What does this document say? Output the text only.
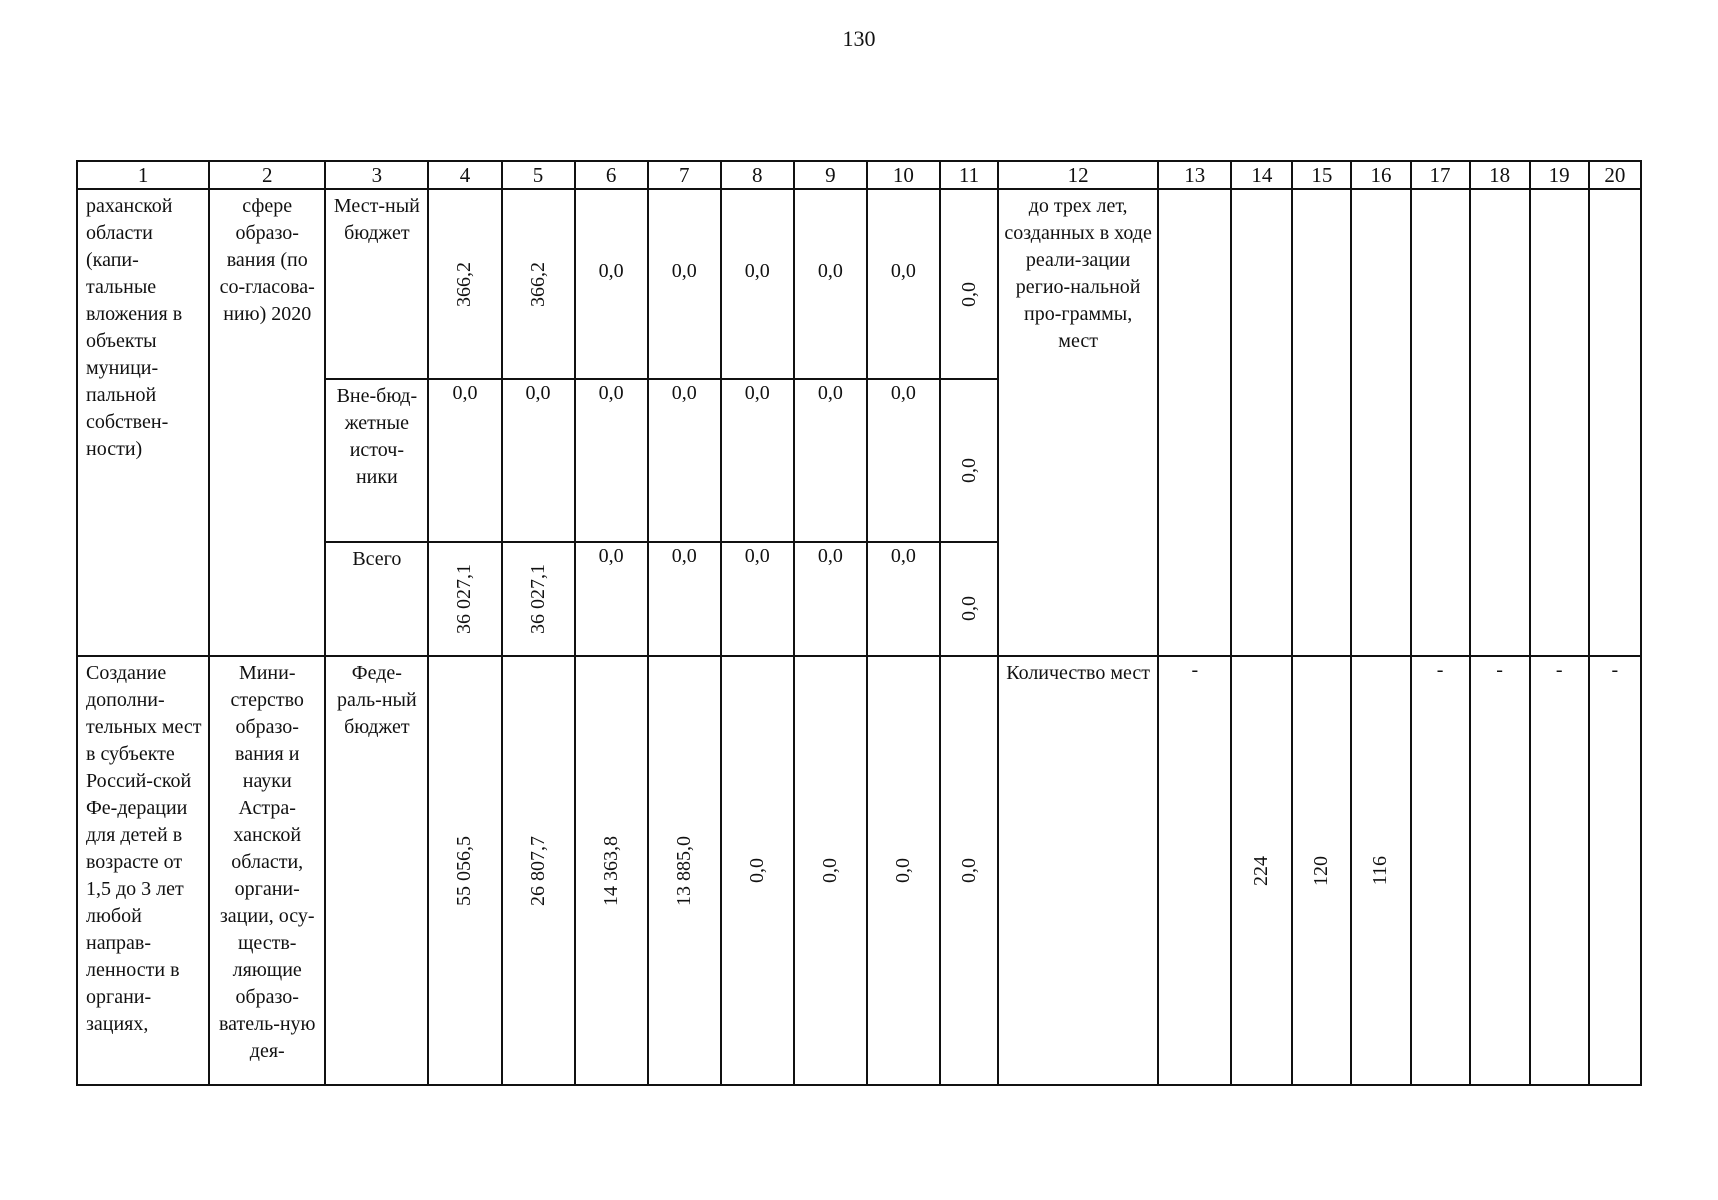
130
1	2	3	4	5	6	7	8	9	10	11	12	13	14	15	16	17	18	19	20

раханской области (капи-тальные вложения в объекты муници-пальной собствен-ности)	сфере образо-вания (по со-гласова-нию) 2020	Мест-ный бюджет	366,2	366,2	0,0	0,0	0,0	0,0	0,0	0,0	до трех лет, созданных в ходе реали-зации регио-нальной про-граммы, мест								

		Вне-бюд-жетные источ-ники	0,0	0,0	0,0	0,0	0,0	0,0	0,0	0,0									

		Всего	36 027,1	36 027,1	0,0	0,0	0,0	0,0	0,0	0,0									

Создание дополни-тельных мест в субъекте Россий-ской Фе-дерации для детей в возрасте от 1,5 до 3 лет любой направ-ленности в органи-зациях,	Мини-стерство образо-вания и науки Астра-ханской области, органи-зации, осу-ществ-ляющие образо-ватель-ную дея-	Феде-раль-ный бюджет	55 056,5	26 807,7	14 363,8	13 885,0	0,0	0,0	0,0	0,0	Количество мест	-	224	120	116	-	-	-	-
